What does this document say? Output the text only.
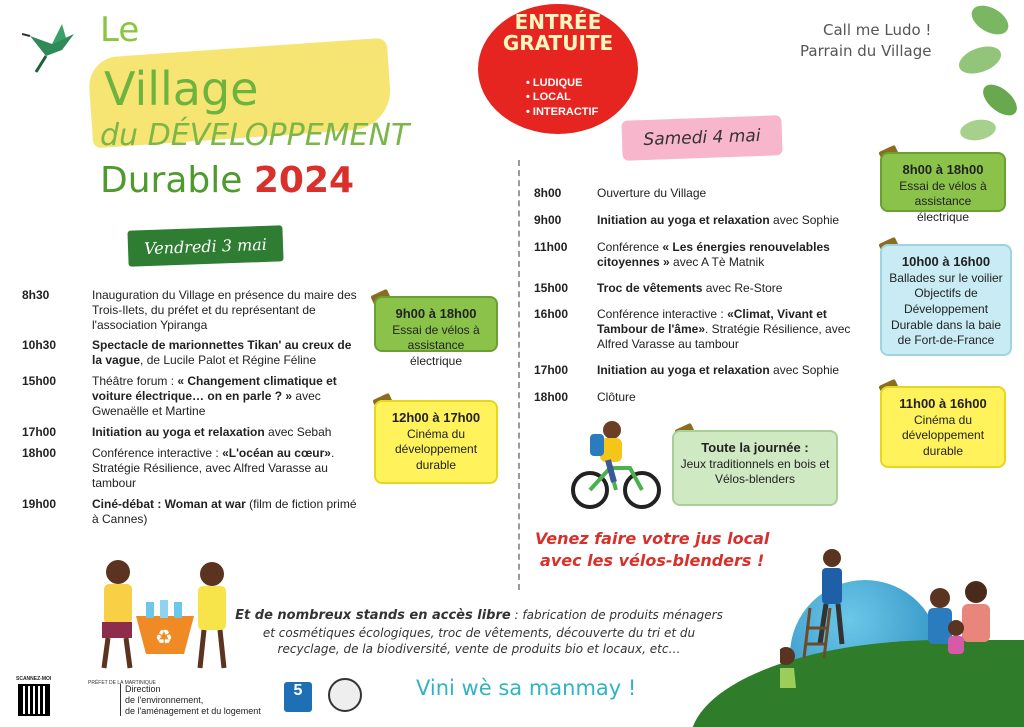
Le
Village
du DÉVELOPPEMENT
Durable 2024
ENTRÉE
GRATUITE
• LUDIQUE
• LOCAL
• INTERACTIF
Call me Ludo !
Parrain du Village
Vendredi 3 mai
Samedi 4 mai
8h30	Inauguration du Village en présence du maire des Trois-Ilets, du préfet et du représentant de l'association Ypiranga
10h30	Spectacle de marionnettes Tikan' au creux de la vague, de Lucile Palot et Régine Féline
15h00	Théâtre forum : « Changement climatique et voiture électrique… on en parle ? » avec Gwenaëlle et Martine
17h00	Initiation au yoga et relaxation avec Sebah
18h00	Conférence interactive : «L'océan au cœur». Stratégie Résilience, avec Alfred Varasse au tambour
19h00	Ciné-débat : Woman at war (film de fiction primé à Cannes)
9h00 à 18h00
Essai de vélos à assistance électrique
12h00 à 17h00
Cinéma du développement durable
8h00	Ouverture du Village
9h00	Initiation au yoga et relaxation avec Sophie
11h00	Conférence « Les énergies renouvelables citoyennes » avec A Tè Matnik
15h00	Troc de vêtements avec Re-Store
16h00	Conférence interactive : «Climat, Vivant et Tambour de l'âme». Stratégie Résilience, avec Alfred Varasse au tambour
17h00	Initiation au yoga et relaxation avec Sophie
18h00	Clôture
8h00 à 18h00
Essai de vélos à assistance électrique
10h00 à 16h00
Ballades sur le voilier Objectifs de Développement Durable dans la baie de Fort-de-France
11h00 à 16h00
Cinéma du développement durable
Toute la journée :
Jeux traditionnels en bois et Vélos-blenders
Venez faire votre jus local
avec les vélos-blenders !
♻
Et de nombreux stands en accès libre : fabrication de produits ménagers et cosmétiques écologiques, troc de vêtements, découverte du tri et du recyclage, de la biodiversité, vente de produits bio et locaux, etc…
Vini wè sa manmay !
SCANNEZ-MOI
PRÉFET DE LA MARTINIQUE
Direction
de l'environnement,
de l'aménagement et du logement
5
